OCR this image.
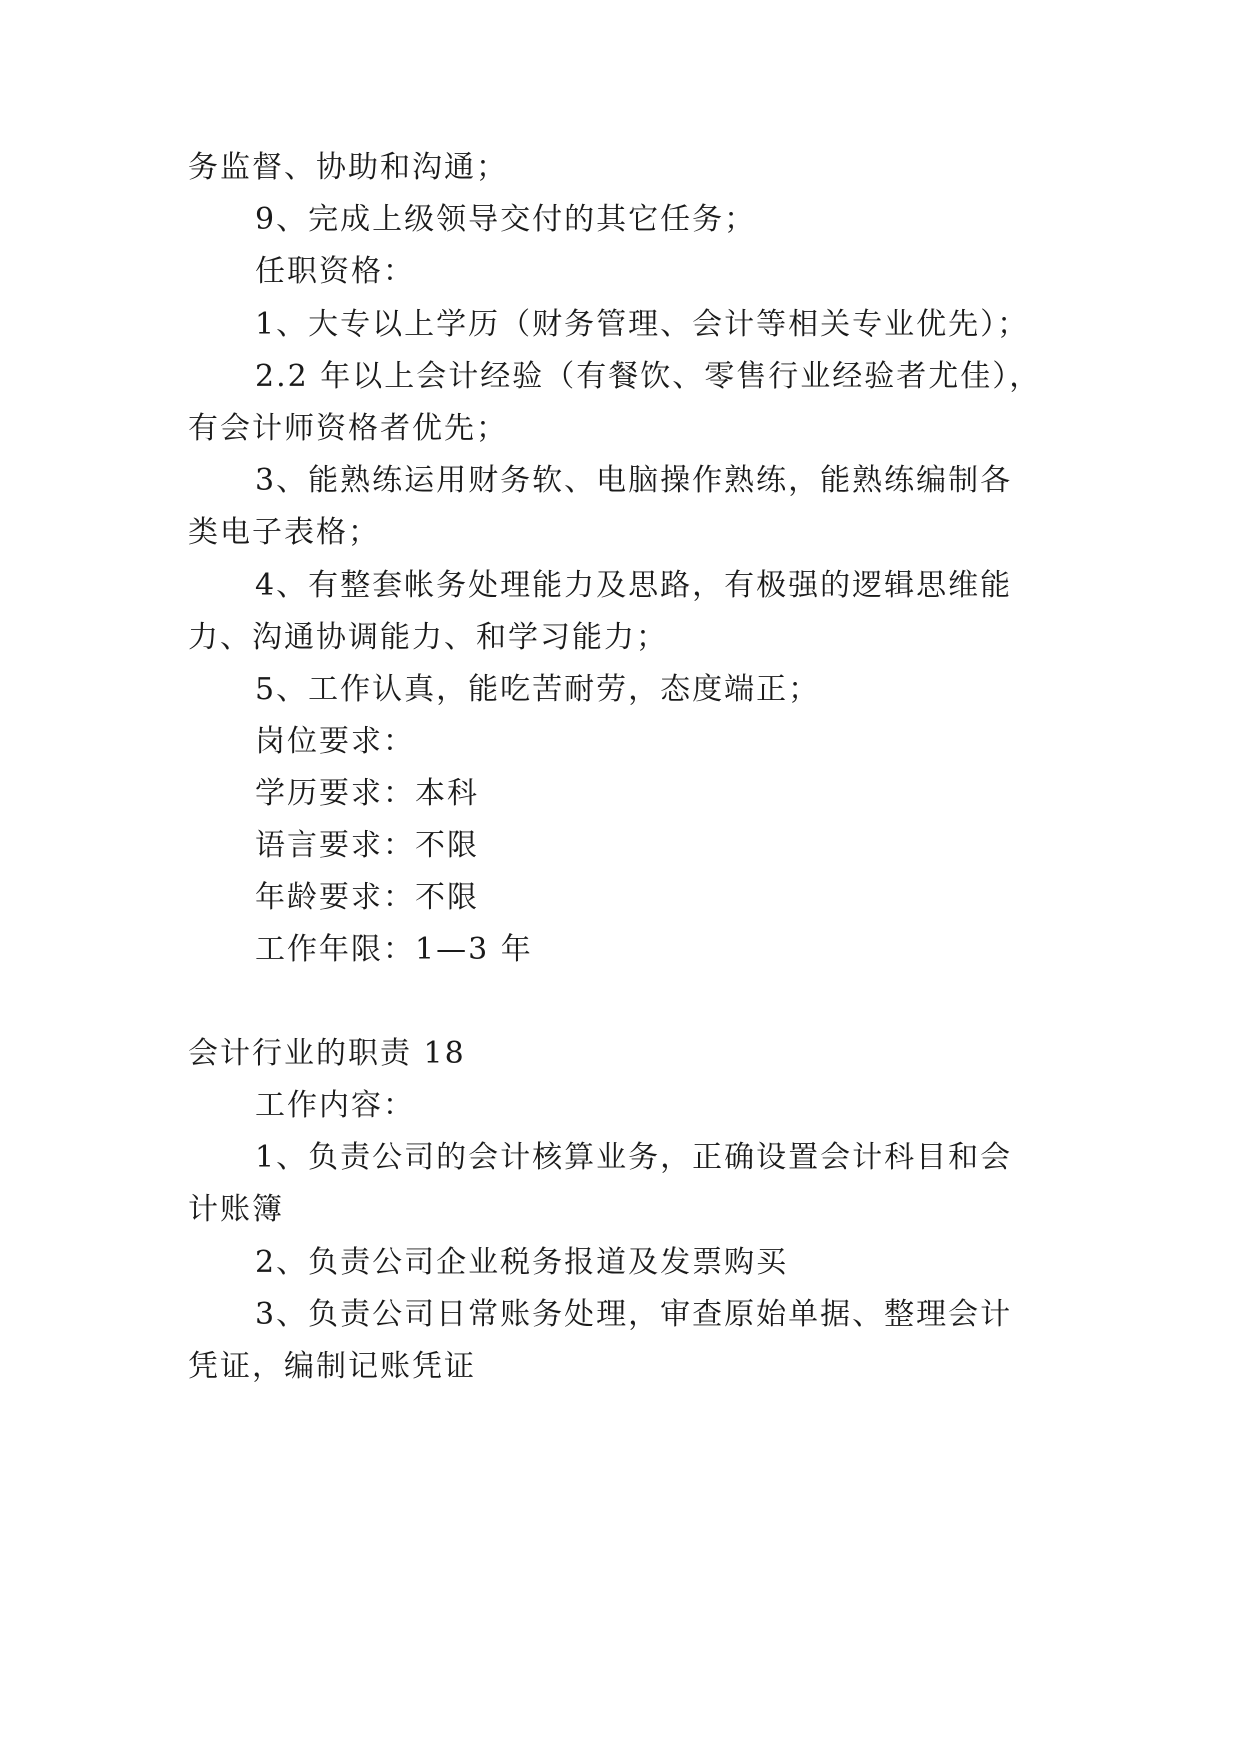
务监督、协助和沟通；
9、完成上级领导交付的其它任务；
任职资格：
1、大专以上学历（财务管理、会计等相关专业优先）；
2.2 年以上会计经验（有餐饮、零售行业经验者尤佳），
有会计师资格者优先；
3、能熟练运用财务软、电脑操作熟练，能熟练编制各
类电子表格；
4、有整套帐务处理能力及思路，有极强的逻辑思维能
力、沟通协调能力、和学习能力；
5、工作认真，能吃苦耐劳，态度端正；
岗位要求：
学历要求：本科
语言要求：不限
年龄要求：不限
工作年限：1—3 年
会计行业的职责 18
工作内容：
1、负责公司的会计核算业务，正确设置会计科目和会
计账簿
2、负责公司企业税务报道及发票购买
3、负责公司日常账务处理，审查原始单据、整理会计
凭证，编制记账凭证
